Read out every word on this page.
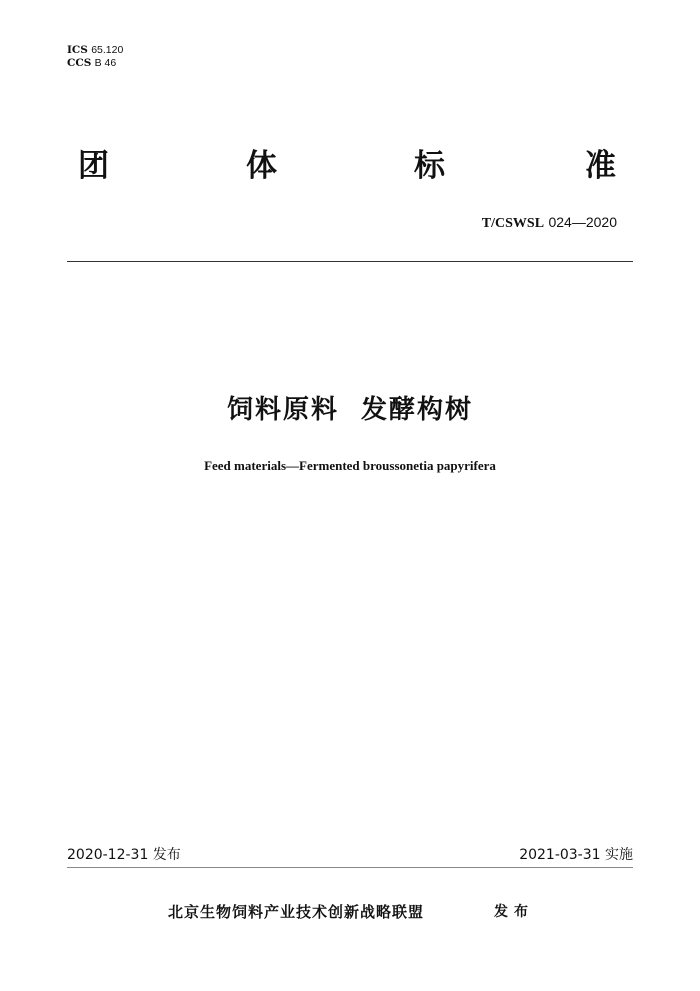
ICS 65.120
CCS B 46
团	体	标	准
T/CSWSL 024—2020
饲料原料  发酵构树
Feed materials—Fermented broussonetia papyrifera
2020-12-31 发布	2021-03-31 实施
北京生物饲料产业技术创新战略联盟	发布
